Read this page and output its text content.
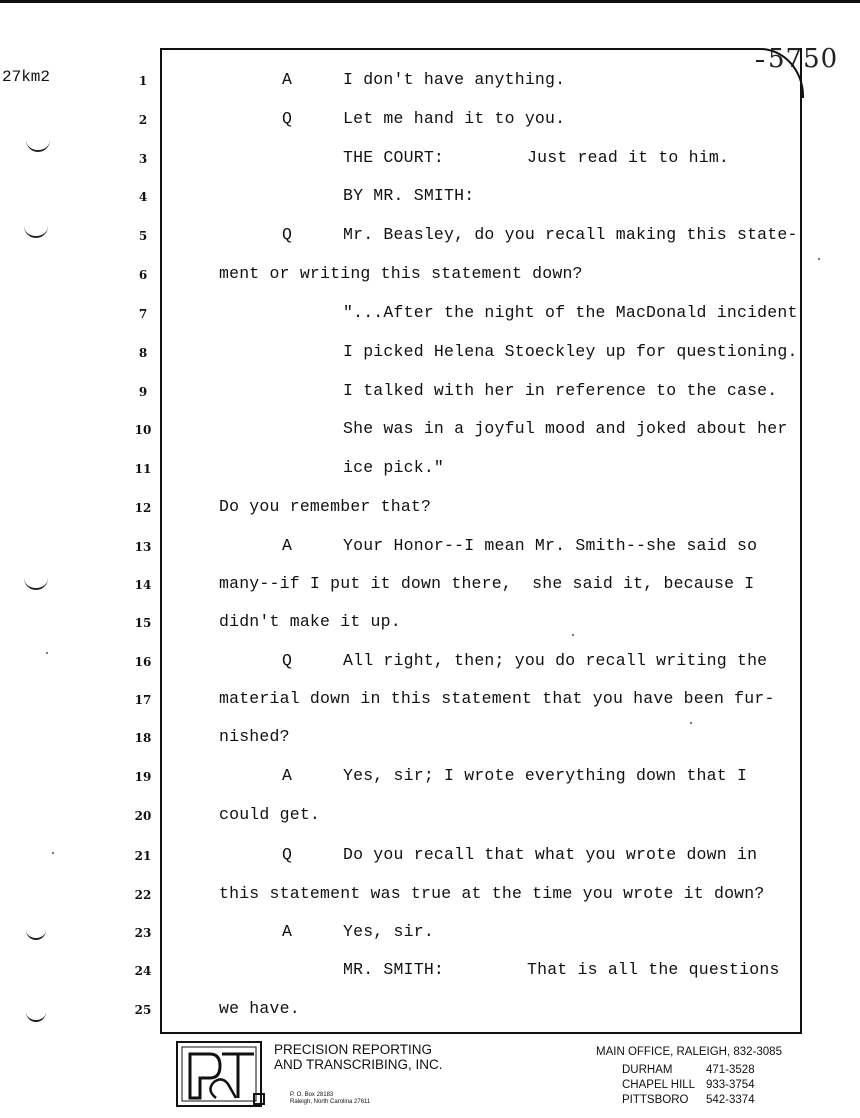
27km2
5750
1	A	I don't have anything.
2	Q	Let me hand it to you.
3	THE COURT:	Just read it to him.
4	BY MR. SMITH:
5	Q	Mr. Beasley, do you recall making this state-
6	ment or writing this statement down?
7	"...After the night of the MacDonald incident
8	I picked Helena Stoeckley up for questioning.
9	I talked with her in reference to the case.
10	She was in a joyful mood and joked about her
11	ice pick."
12	Do you remember that?
13	A	Your Honor--I mean Mr. Smith--she said so
14	many--if I put it down there,  she said it, because I
15	didn't make it up.
16	Q	All right, then; you do recall writing the
17	material down in this statement that you have been fur-
18	nished?
19	A	Yes, sir; I wrote everything down that I
20	could get.
21	Q	Do you recall that what you wrote down in
22	this statement was true at the time you wrote it down?
23	A	Yes, sir.
24	MR. SMITH:	That is all the questions
25	we have.
PRECISION REPORTING
AND TRANSCRIBING, INC.
P. O. Box 28183
Raleigh, North Carolina 27611
MAIN OFFICE, RALEIGH, 832-3085
DURHAM	471-3528
CHAPEL HILL 933-3754
PITTSBORO 542-3374
